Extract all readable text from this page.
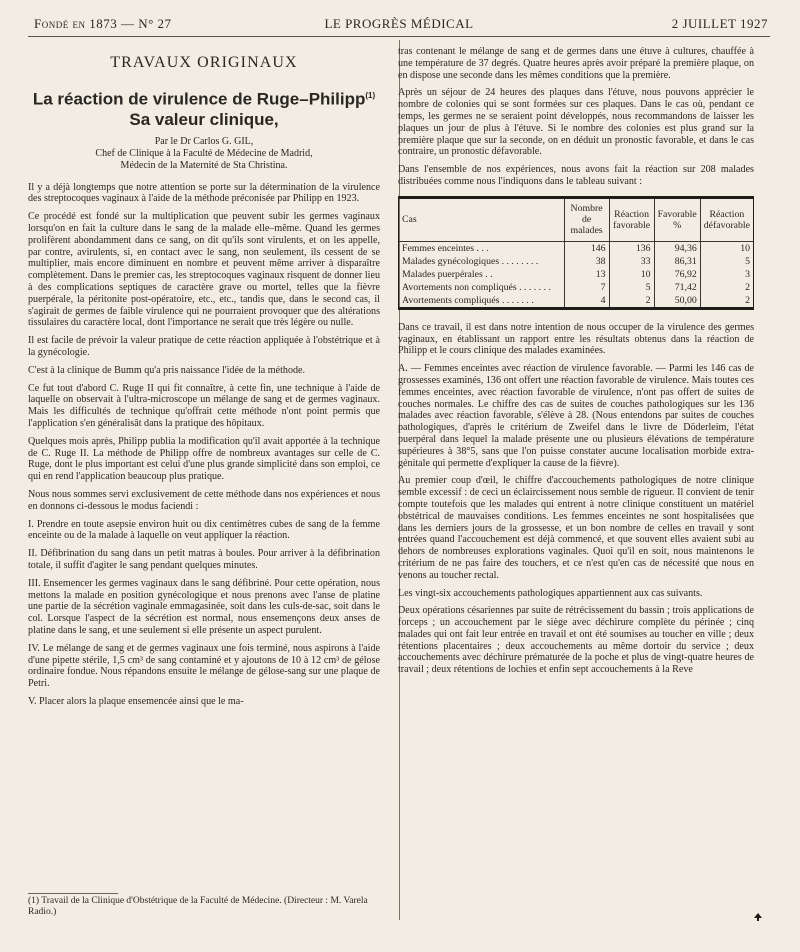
Fondé en 1873 — N° 27	LE PROGRÈS MÉDICAL	2 JUILLET 1927
TRAVAUX ORIGINAUX
La réaction de virulence de Ruge–Philipp$^{(1)}$
Sa valeur clinique,
Par le Dr Carlos G. GIL,
Chef de Clinique à la Faculté de Médecine de Madrid,
Médecin de la Maternité de Sta Christina.

Il y a déjà longtemps que notre attention se porte sur la détermination de la virulence des streptocoques vaginaux à l'aide de la méthode préconisée par Philipp en 1923.

Ce procédé est fondé sur la multiplication que peuvent subir les germes vaginaux lorsqu'on en fait la culture dans le sang de la malade elle–même. Quand les germes prolifèrent abondamment dans ce sang, on dit qu'ils sont virulents, et on les appelle, par contre, avirulents, si, en contact avec le sang, non seulement, ils cessent de se multiplier, mais encore diminuent en nombre et peuvent même arriver à disparaître complètement. Dans le premier cas, les streptocoques vaginaux risquent de donner lieu à des complications septiques de caractère grave ou mortel, telles que la fièvre puerpérale, la péritonite post-opératoire, etc., etc., tandis que, dans le second cas, il s'agirait de germes de faible virulence qui ne pourraient provoquer que des altérations tissulaires du caractère local, dont l'importance ne serait que très légère ou nulle.

Il est facile de prévoir la valeur pratique de cette réaction appliquée à l'obstétrique et à la gynécologie.

C'est à la clinique de Bumm qu'a pris naissance l'idée de la méthode.

Ce fut tout d'abord C. Ruge II qui fit connaître, à cette fin, une technique à l'aide de laquelle on observait à l'ultra-microscope un mélange de sang et de germes vaginaux. Mais les difficultés de technique qu'offrait cette méthode n'ont point permis que l'application s'en généralisât dans la pratique des hôpitaux.

Quelques mois après, Philipp publia la modification qu'il avait apportée à la technique de C. Ruge II. La méthode de Philipp offre de nombreux avantages sur celle de C. Ruge, dont le plus important est celui d'une plus grande simplicité dans son emploi, ce qui en rend l'application beaucoup plus pratique.

Nous nous sommes servi exclusivement de cette méthode dans nos expériences et nous en donnons ci-dessous le modus faciendi :

I. Prendre en toute asepsie environ huit ou dix centimètres cubes de sang de la femme enceinte ou de la malade à laquelle on veut appliquer la réaction.

II. Défibrination du sang dans un petit matras à boules. Pour arriver à la défibrination totale, il suffit d'agiter le sang pendant quelques minutes.

III. Ensemencer les germes vaginaux dans le sang défibriné. Pour cette opération, nous mettons la malade en position gynécologique et nous prenons avec l'anse de platine une partie de la sécrétion vaginale emmagasinée, soit dans les culs-de-sac, soit dans le col. Lorsque l'aspect de la sécrétion est normal, nous ensemençons deux anses de platine dans le sang, et une seulement si elle présente un aspect purulent.

IV. Le mélange de sang et de germes vaginaux une fois terminé, nous aspirons à l'aide d'une pipette stérile, 1,5 cm³ de sang contaminé et y ajoutons de 10 à 12 cm³ de gélose ordinaire fondue. Nous répandons ensuite le mélange de gélose-sang sur une plaque de Petri.

V. Placer alors la plaque ensemencée ainsi que le ma-

(1) Travail de la Clinique d'Obstétrique de la Faculté de Médecine. (Directeur : M. Varela Radio.)

tras contenant le mélange de sang et de germes dans une étuve à cultures, chauffée à une température de 37 degrés. Quatre heures après avoir préparé la première plaque, on en dispose une seconde dans les mêmes conditions que la première.

Après un séjour de 24 heures des plaques dans l'étuve, nous pouvons apprécier le nombre de colonies qui se sont formées sur ces plaques. Dans le cas où, pendant ce temps, les germes ne se seraient point développés, nous recommandons de laisser les plaques un jour de plus à l'étuve. Si le nombre des colonies est plus grand sur la première plaque que sur la seconde, on en déduit un pronostic favorable, et dans le cas contraire, un pronostic défavorable.

Dans l'ensemble de nos expériences, nous avons fait la réaction sur 208 malades distribuées comme nous l'indiquons dans le tableau suivant :

Cas	Nombre de malades	Réaction favorable	Favorable %	Réaction défavorable
Femmes enceintes . . .	146	136	94,36	10
Malades gynécologiques . . . . . . . .	38	33	86,31	5
Malades puerpérales . .	13	10	76,92	3
Avortements non compliqués . . . . . . .	7	5	71,42	2
Avortements compliqués . . . . . . .	4	2	50,00	2

Dans ce travail, il est dans notre intention de nous occuper de la virulence des germes vaginaux, en établissant un rapport entre les résultats obtenus dans la réaction de Philipp et le cours clinique des malades examinées.

A. — Femmes enceintes avec réaction de virulence favorable. — Parmi les 146 cas de grossesses examinés, 136 ont offert une réaction favorable de virulence. Mais toutes ces femmes enceintes, avec réaction favorable de virulence, n'ont pas offert de suites de couches normales. Le chiffre des cas de suites de couches pathologiques sur les 136 malades avec réaction favorable, s'élève à 28. (Nous entendons par suites de couches pathologiques, d'après le critérium de Zweifel dans le livre de Döderleim, l'état puerpéral dans lequel la malade présente une ou plusieurs élévations de température supérieures à 38°5, sans que l'on puisse constater aucune localisation morbide extra-génitale qui permette d'expliquer la cause de la fièvre).

Au premier coup d'œil, le chiffre d'accouchements pathologiques de notre clinique semble excessif : de ceci un éclaircissement nous semble de rigueur. Il convient de tenir compte toutefois que les malades qui entrent à notre clinique constituent un matériel obstétrical de mauvaises conditions. Les femmes enceintes ne sont hospitalisées que dans les derniers jours de la grossesse, et un bon nombre de celles en travail y sont entrées quand l'accouchement est déjà commencé, et que souvent elles avaient subi au dehors de nombreuses explorations vaginales. Quoi qu'il en soit, nous maintenons le critérium de ne pas faire des touchers, et ce n'est qu'en cas de nécessité que nous en venons au toucher rectal.

Les vingt-six accouchements pathologiques appartiennent aux cas suivants.

Deux opérations césariennes par suite de rétrécissement du bassin ; trois applications de forceps ; un accouchement par le siège avec déchirure complète du périnée ; cinq malades qui ont fait leur entrée en travail et ont été soumises au toucher en ville ; deux rétentions placentaires ; deux accouchements au même dortoir du service ; deux accouchements avec déchirure prématurée de la poche et plus de vingt-quatre heures de travail ; deux rétentions de lochies et enfin sept accouchements à la Reve
